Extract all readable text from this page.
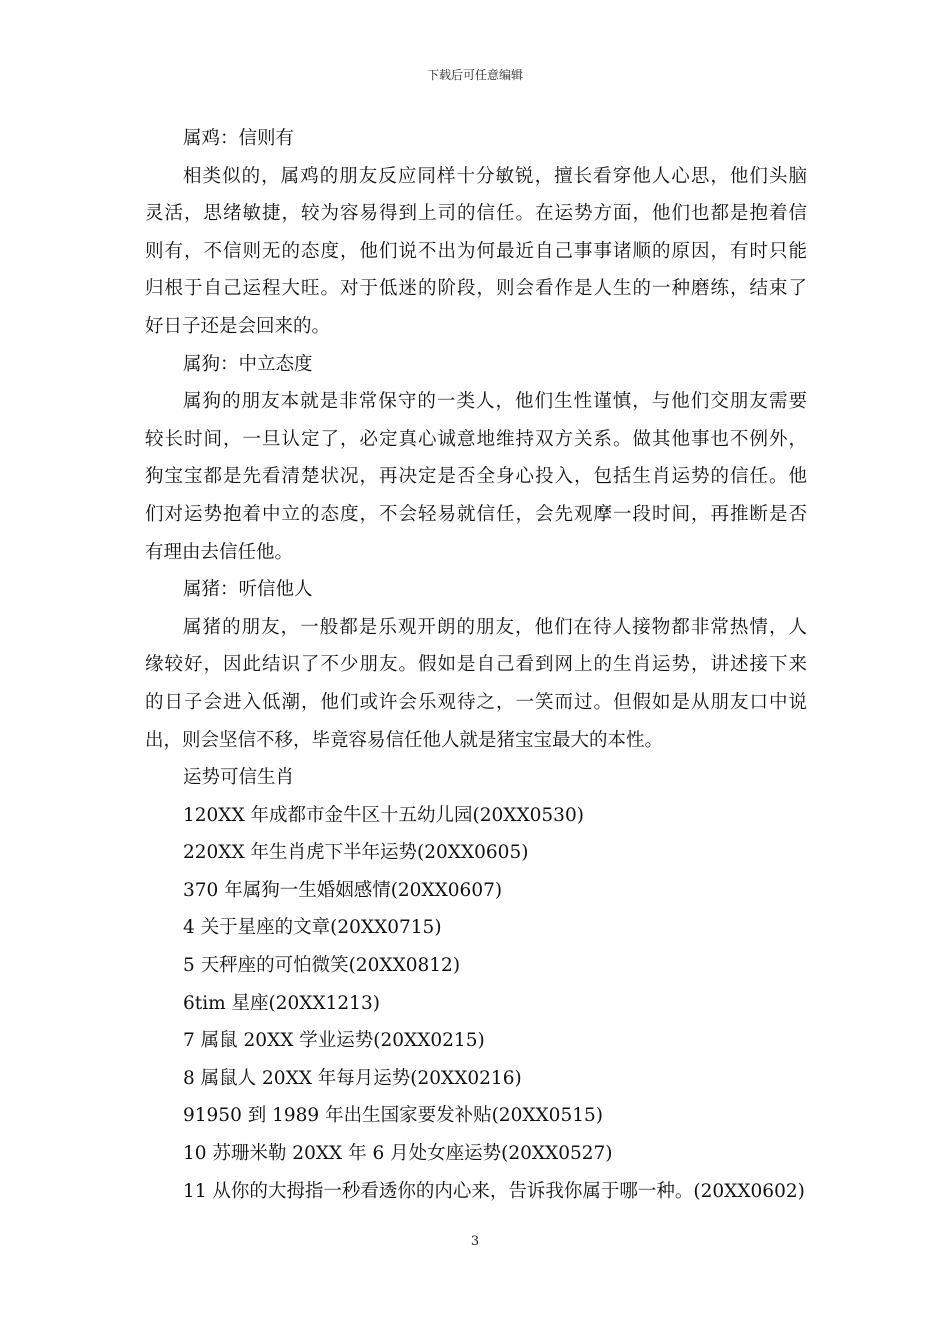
下载后可任意编辑
属鸡：信则有
相类似的，属鸡的朋友反应同样十分敏锐，擅长看穿他人心思，他们头脑
灵活，思绪敏捷，较为容易得到上司的信任。在运势方面，他们也都是抱着信
则有，不信则无的态度，他们说不出为何最近自己事事诸顺的原因，有时只能
归根于自己运程大旺。对于低迷的阶段，则会看作是人生的一种磨练，结束了
好日子还是会回来的。
属狗：中立态度
属狗的朋友本就是非常保守的一类人，他们生性谨慎，与他们交朋友需要
较长时间，一旦认定了，必定真心诚意地维持双方关系。做其他事也不例外，
狗宝宝都是先看清楚状况，再决定是否全身心投入，包括生肖运势的信任。他
们对运势抱着中立的态度，不会轻易就信任，会先观摩一段时间，再推断是否
有理由去信任他。
属猪：听信他人
属猪的朋友，一般都是乐观开朗的朋友，他们在待人接物都非常热情，人
缘较好，因此结识了不少朋友。假如是自己看到网上的生肖运势，讲述接下来
的日子会进入低潮，他们或许会乐观待之，一笑而过。但假如是从朋友口中说
出，则会坚信不移，毕竟容易信任他人就是猪宝宝最大的本性。
运势可信生肖
120XX 年成都市金牛区十五幼儿园(20XX0530)
220XX 年生肖虎下半年运势(20XX0605)
370 年属狗一生婚姻感情(20XX0607)
4 关于星座的文章(20XX0715)
5 天秤座的可怕微笑(20XX0812)
6tim 星座(20XX1213)
7 属鼠 20XX 学业运势(20XX0215)
8 属鼠人 20XX 年每月运势(20XX0216)
91950 到 1989 年出生国家要发补贴(20XX0515)
10 苏珊米勒 20XX 年 6 月处女座运势(20XX0527)
11 从你的大拇指一秒看透你的内心来，告诉我你属于哪一种。(20XX0602)
3
